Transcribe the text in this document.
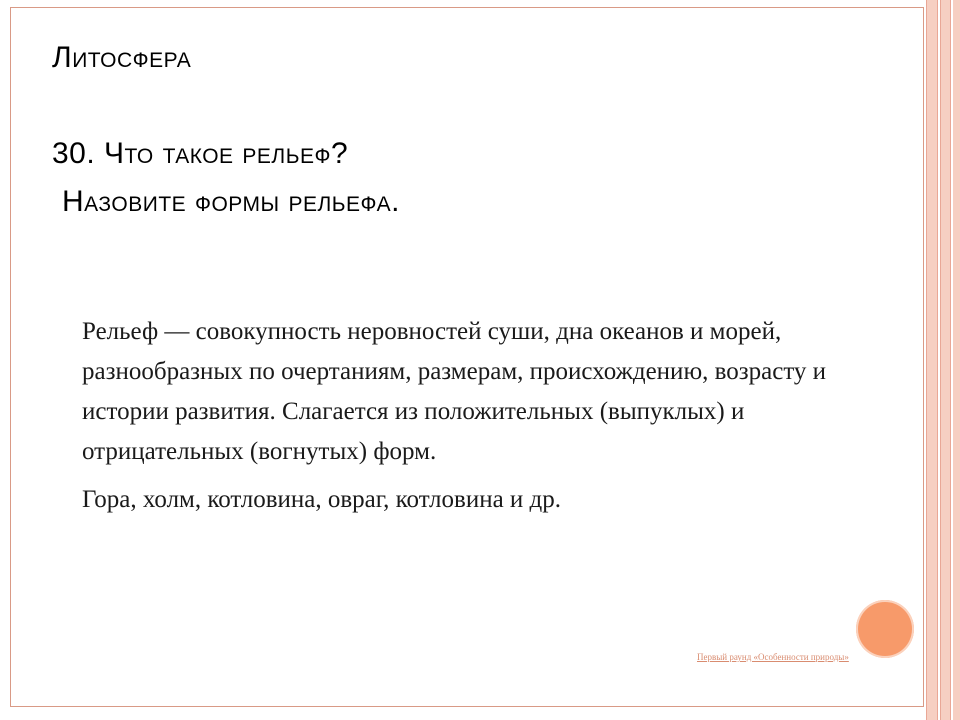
Литосфера
30. Что такое рельеф?
Назовите формы рельефа.

Рельеф — совокупность неровностей суши, дна океанов и морей, разнообразных по очертаниям, размерам, происхождению, возрасту и истории развития. Слагается из положительных (выпуклых) и отрицательных (вогнутых) форм.

Гора, холм, котловина, овраг, котловина и др.

Первый раунд «Особенности природы»
